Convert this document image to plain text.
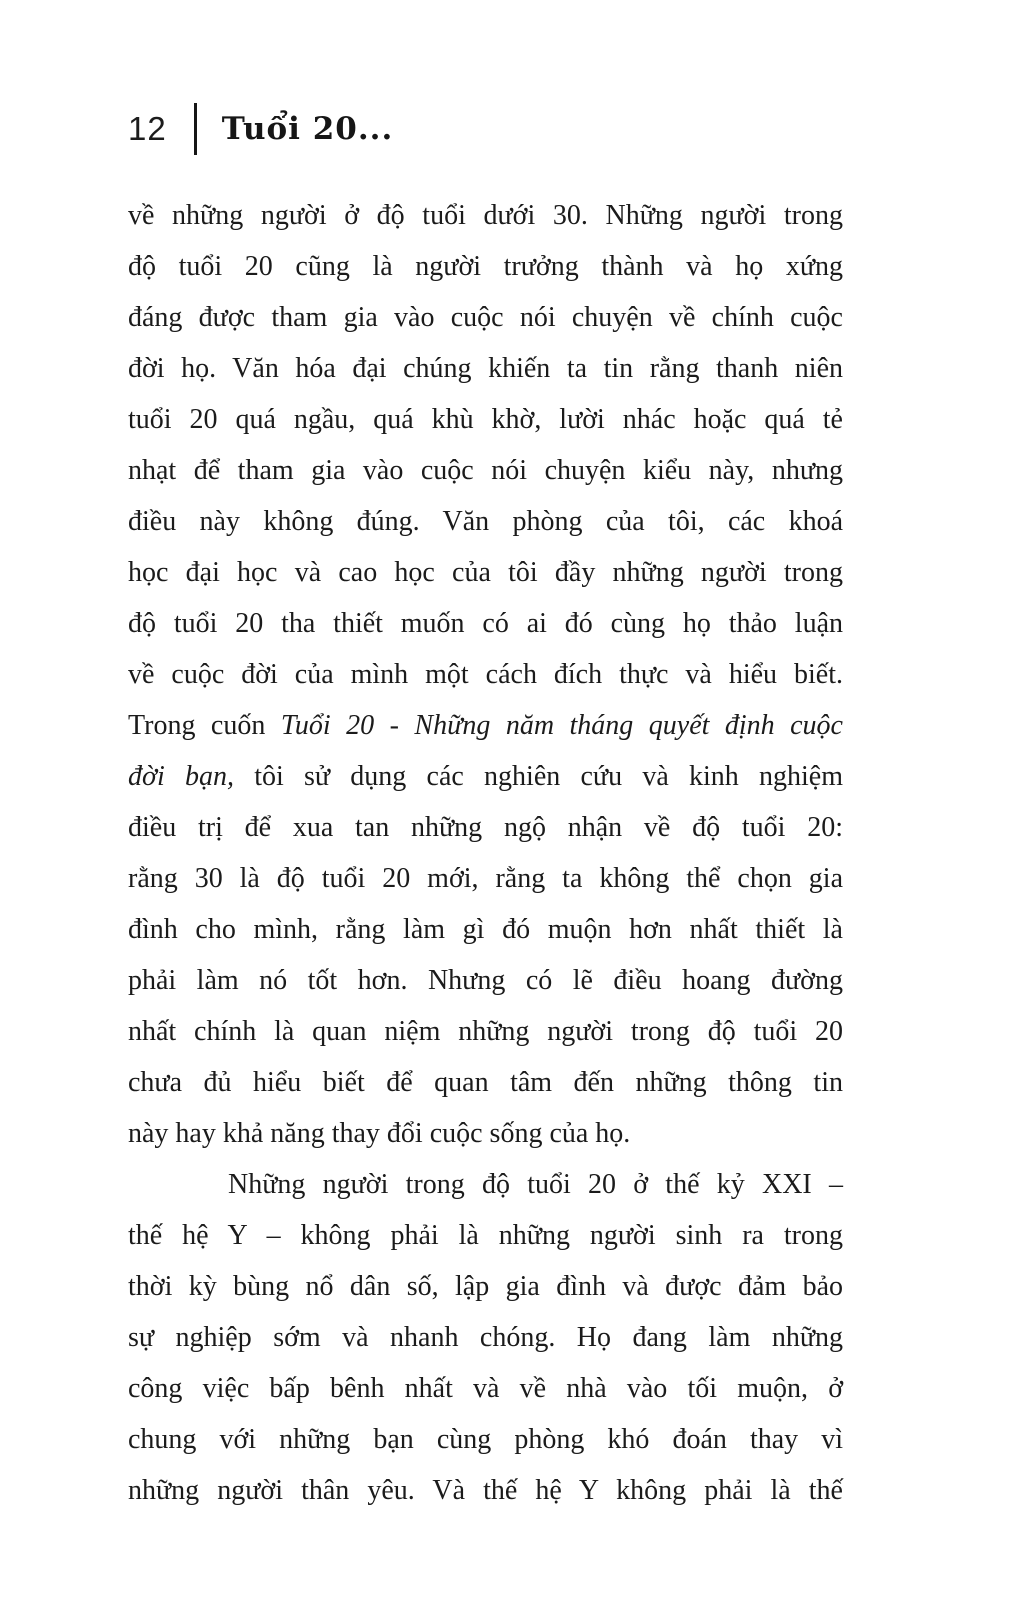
12 Tuổi 20...
về những người ở độ tuổi dưới 30. Những người trong
độ tuổi 20 cũng là người trưởng thành và họ xứng
đáng được tham gia vào cuộc nói chuyện về chính cuộc
đời họ. Văn hóa đại chúng khiến ta tin rằng thanh niên
tuổi 20 quá ngầu, quá khù khờ, lười nhác hoặc quá tẻ
nhạt để tham gia vào cuộc nói chuyện kiểu này, nhưng
điều này không đúng. Văn phòng của tôi, các khoá
học đại học và cao học của tôi đầy những người trong
độ tuổi 20 tha thiết muốn có ai đó cùng họ thảo luận
về cuộc đời của mình một cách đích thực và hiểu biết.
Trong cuốn Tuổi 20 - Những năm tháng quyết định cuộc
đời bạn, tôi sử dụng các nghiên cứu và kinh nghiệm
điều trị để xua tan những ngộ nhận về độ tuổi 20:
rằng 30 là độ tuổi 20 mới, rằng ta không thể chọn gia
đình cho mình, rằng làm gì đó muộn hơn nhất thiết là
phải làm nó tốt hơn. Nhưng có lẽ điều hoang đường
nhất chính là quan niệm những người trong độ tuổi 20
chưa đủ hiểu biết để quan tâm đến những thông tin
này hay khả năng thay đổi cuộc sống của họ.
Những người trong độ tuổi 20 ở thế kỷ XXI –
thế hệ Y – không phải là những người sinh ra trong
thời kỳ bùng nổ dân số, lập gia đình và được đảm bảo
sự nghiệp sớm và nhanh chóng. Họ đang làm những
công việc bấp bênh nhất và về nhà vào tối muộn, ở
chung với những bạn cùng phòng khó đoán thay vì
những người thân yêu. Và thế hệ Y không phải là thế
